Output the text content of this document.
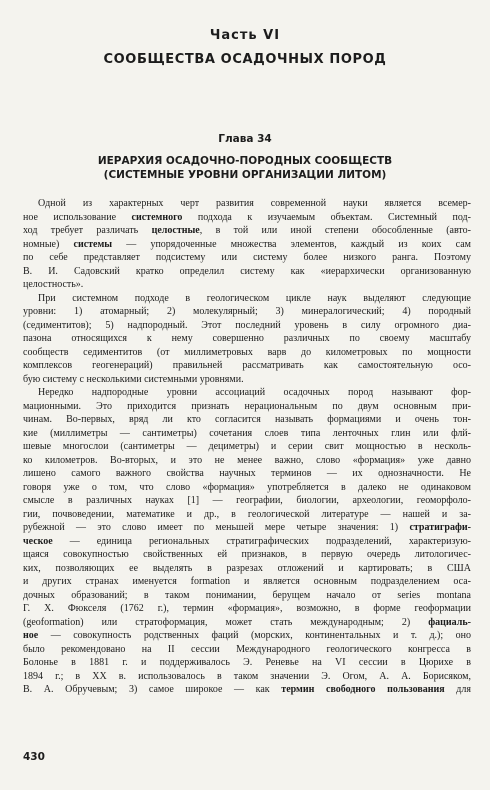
Часть VI
СООБЩЕСТВА ОСАДОЧНЫХ ПОРОД
Глава 34
ИЕРАРХИЯ ОСАДОЧНО-ПОРОДНЫХ СООБЩЕСТВ
(СИСТЕМНЫЕ УРОВНИ ОРГАНИЗАЦИИ ЛИТОМ)
Одной из характерных черт развития современной науки является всемер-
ное использование системного подхода к изучаемым объектам. Системный под-
ход требует различать целостные, в той или иной степени обособленные (авто-
номные) системы — упорядоченные множества элементов, каждый из коих сам
по себе представляет подсистему или систему более низкого ранга. Поэтому
В. И. Садовский кратко определил систему как «иерархически организованную
целостность».
При системном подходе в геологическом цикле наук выделяют следующие
уровни: 1) атомарный; 2) молекулярный; 3) минералогический; 4) породный
(седиментитов); 5) надпородный. Этот последний уровень в силу огромного диа-
пазона относящихся к нему совершенно различных по своему масштабу
сообществ седиментитов (от миллиметровых варв до километровых по мощности
комплексов геогенераций) правильней рассматривать как самостоятельную осо-
бую систему с несколькими системными уровнями.
Нередко надпородные уровни ассоциаций осадочных пород называют фор-
мационными. Это приходится признать нерациональным по двум основным при-
чинам. Во-первых, вряд ли кто согласится называть формациями и очень тон-
кие (миллиметры — сантиметры) сочетания слоев типа ленточных глин или флй-
шевые многослои (сантиметры — дециметры) и серии свит мощностью в несколь-
ко километров. Во-вторых, и это не менее важно, слово «формация» уже давно
лишено самого важного свойства научных терминов — их однозначности. Не
говоря уже о том, что слово «формация» употребляется в далеко не одинаковом
смысле в различных науках [1] — географии, биологии, археологии, геоморфоло-
гии, почвоведении, математике и др., в геологической литературе — нашей и за-
рубежной — это слово имеет по меньшей мере четыре значения: 1) стратиграфи-
ческое — единица региональных стратиграфических подразделений, характеризую-
щаяся совокупностью свойственных ей признаков, в первую очередь литологичес-
ких, позволяющих ее выделять в разрезах отложений и картировать; в США
и других странах именуется formation и является основным подразделением оса-
дочных образований; в таком понимании, берущем начало от series montana
Г. Х. Фюкселя (1762 г.), термин «формация», возможно, в форме геоформации
(geoformation) или стратоформация, может стать международным; 2) фациаль-
ное — совокупность родственных фаций (морских, континентальных и т. д.); оно
было рекомендовано на II сессии Международного геологического конгресса в
Болонье в 1881 г. и поддерживалось Э. Реневье на VI сессии в Цюрихе в
1894 г.; в XX в. использовалось в таком значении Э. Огом, А. А. Борисяком,
В. А. Обручевым; 3) самое широкое — как термин свободного пользования для
430
